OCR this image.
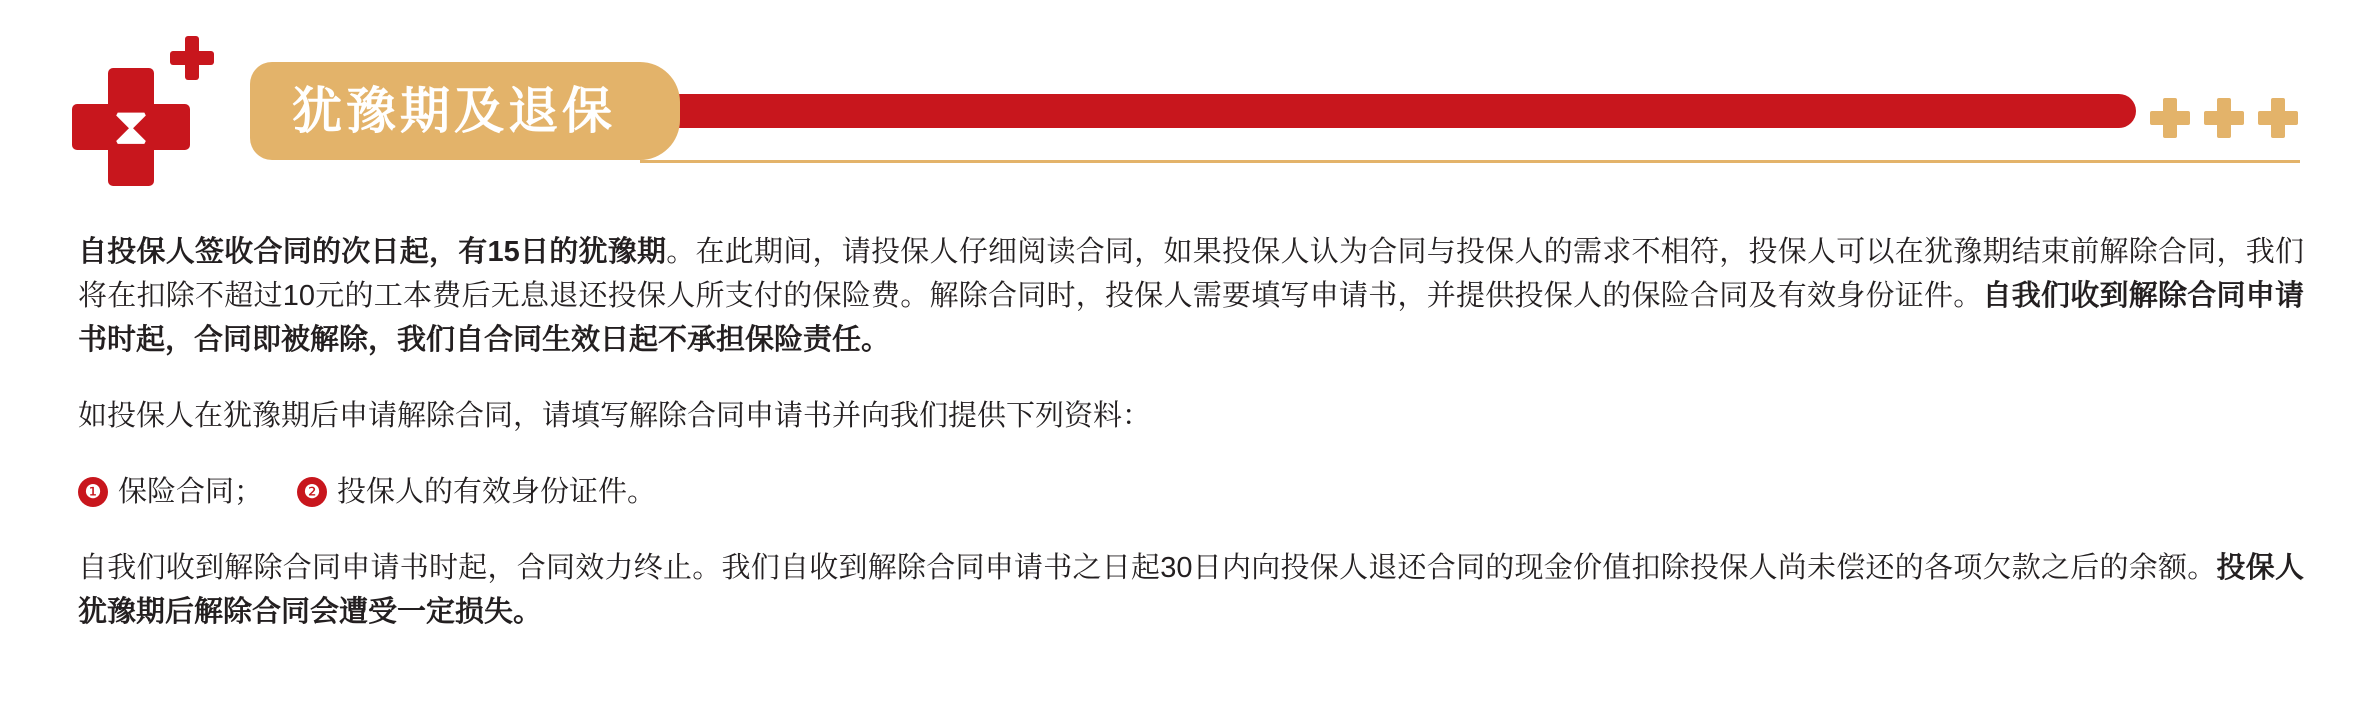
⧗	犹豫期及退保

自投保人签收合同的次日起，有15日的犹豫期。在此期间，请投保人仔细阅读合同，如果投保人认为合同与投保人的需求不相符，投保人可以在犹豫期结束前解除合同，我们将在扣除不超过10元的工本费后无息退还投保人所支付的保险费。解除合同时，投保人需要填写申请书，并提供投保人的保险合同及有效身份证件。自我们收到解除合同申请书时起，合同即被解除，我们自合同生效日起不承担保险责任。

如投保人在犹豫期后申请解除合同，请填写解除合同申请书并向我们提供下列资料：

❶ 保险合同；	❷ 投保人的有效身份证件。

自我们收到解除合同申请书时起，合同效力终止。我们自收到解除合同申请书之日起30日内向投保人退还合同的现金价值扣除投保人尚未偿还的各项欠款之后的余额。投保人犹豫期后解除合同会遭受一定损失。
